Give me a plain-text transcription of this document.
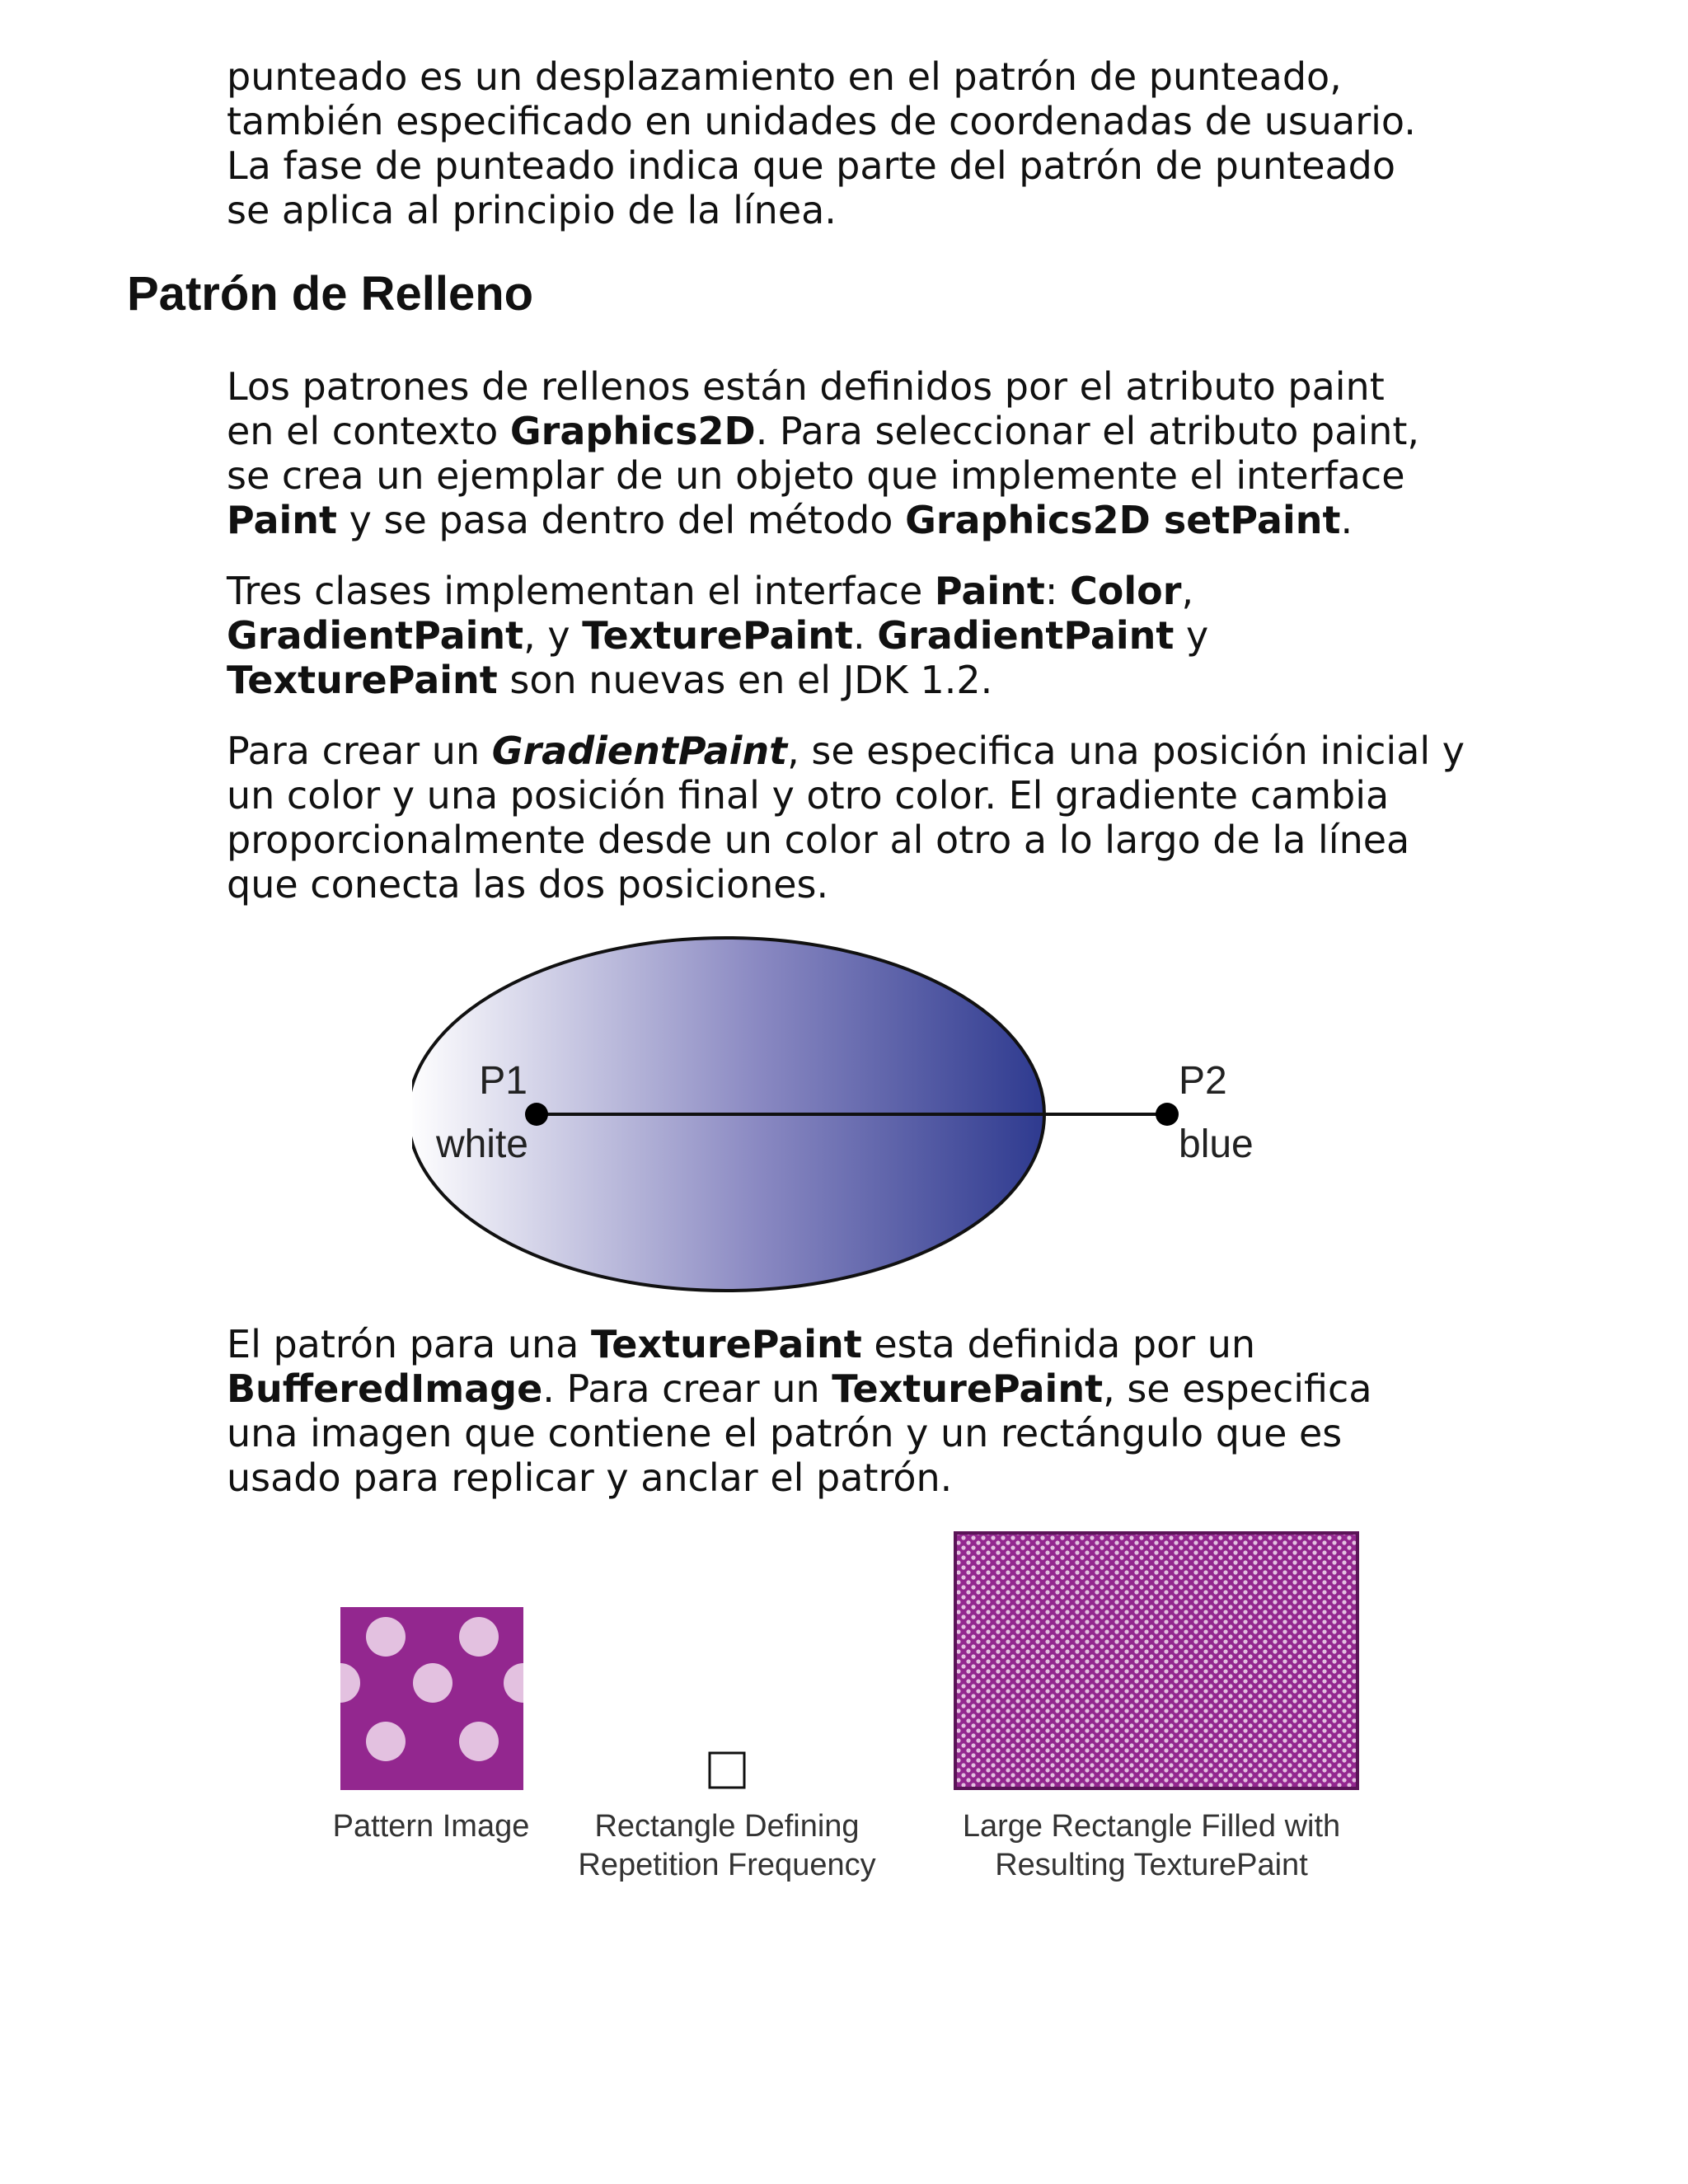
punteado es un desplazamiento en el patrón de punteado,
también especificado en unidades de coordenadas de usuario.
La fase de punteado indica que parte del patrón de punteado
se aplica al principio de la línea.
Patrón de Relleno
Los patrones de rellenos están definidos por el atributo paint
en el contexto Graphics2D. Para seleccionar el atributo paint,
se crea un ejemplar de un objeto que implemente el interface
Paint y se pasa dentro del método Graphics2D setPaint.
Tres clases implementan el interface Paint: Color,
GradientPaint, y TexturePaint. GradientPaint y
TexturePaint son nuevas en el JDK 1.2.
Para crear un GradientPaint, se especifica una posición inicial y
un color y una posición final y otro color. El gradiente cambia
proporcionalmente desde un color al otro a lo largo de la línea
que conecta las dos posiciones.
P1
white
P2
blue
El patrón para una TexturePaint esta definida por un
BufferedImage. Para crear un TexturePaint, se especifica
una imagen que contiene el patrón y un rectángulo que es
usado para replicar y anclar el patrón.
Pattern Image Rectangle Defining
Repetition Frequency
Large Rectangle Filled with
Resulting TexturePaint
